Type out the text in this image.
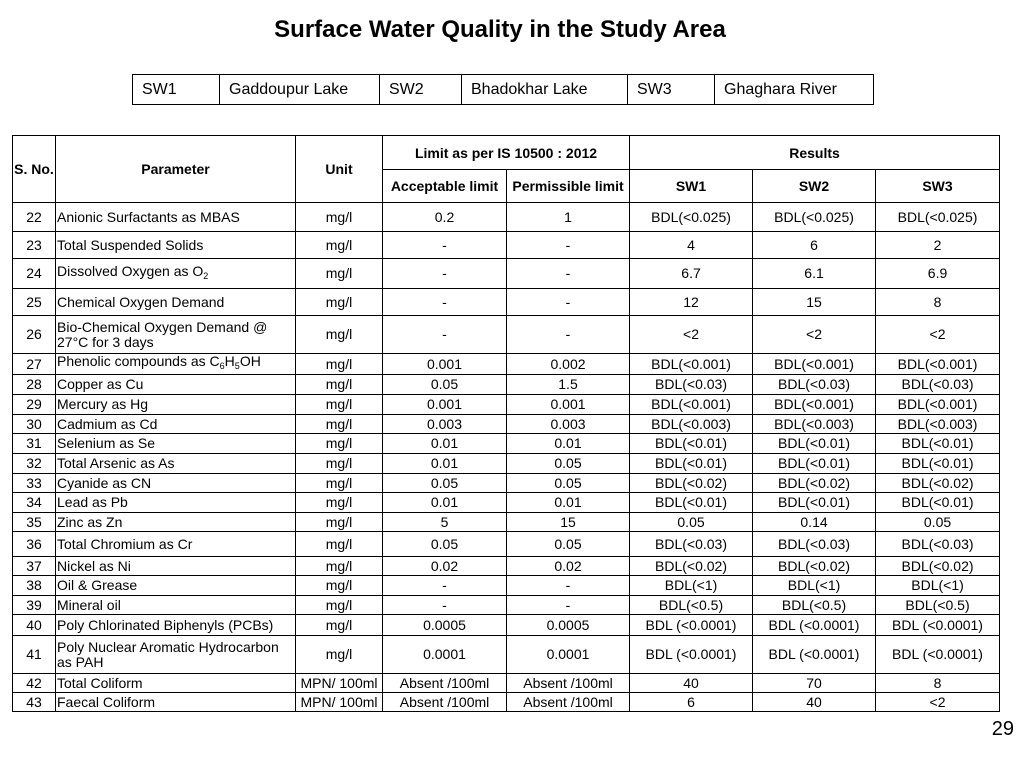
Surface Water Quality in the Study Area
SW1	Gaddoupur Lake	SW2	Bhadokhar Lake	SW3	Ghaghara River
S. No.	Parameter	Unit	Limit as per IS 10500 : 2012		Results		
			Acceptable limit	Permissible limit	SW1	SW2	SW3
22	Anionic Surfactants as MBAS	mg/l	0.2	1	BDL(<0.025)	BDL(<0.025)	BDL(<0.025)
23	Total Suspended Solids	mg/l	-	-	4	6	2
24	Dissolved Oxygen as $O_2$	mg/l	-	-	6.7	6.1	6.9
25	Chemical Oxygen Demand	mg/l	-	-	12	15	8
26	Bio-Chemical Oxygen Demand @ 27°C for 3 days	mg/l	-	-	<2	<2	<2
27	Phenolic compounds as $C_6H_5OH$	mg/l	0.001	0.002	BDL(<0.001)	BDL(<0.001)	BDL(<0.001)
28	Copper as Cu	mg/l	0.05	1.5	BDL(<0.03)	BDL(<0.03)	BDL(<0.03)
29	Mercury as Hg	mg/l	0.001	0.001	BDL(<0.001)	BDL(<0.001)	BDL(<0.001)
30	Cadmium as Cd	mg/l	0.003	0.003	BDL(<0.003)	BDL(<0.003)	BDL(<0.003)
31	Selenium as Se	mg/l	0.01	0.01	BDL(<0.01)	BDL(<0.01)	BDL(<0.01)
32	Total Arsenic as As	mg/l	0.01	0.05	BDL(<0.01)	BDL(<0.01)	BDL(<0.01)
33	Cyanide as CN	mg/l	0.05	0.05	BDL(<0.02)	BDL(<0.02)	BDL(<0.02)
34	Lead as Pb	mg/l	0.01	0.01	BDL(<0.01)	BDL(<0.01)	BDL(<0.01)
35	Zinc as Zn	mg/l	5	15	0.05	0.14	0.05
36	Total Chromium as Cr	mg/l	0.05	0.05	BDL(<0.03)	BDL(<0.03)	BDL(<0.03)
37	Nickel as Ni	mg/l	0.02	0.02	BDL(<0.02)	BDL(<0.02)	BDL(<0.02)
38	Oil & Grease	mg/l	-	-	BDL(<1)	BDL(<1)	BDL(<1)
39	Mineral oil	mg/l	-	-	BDL(<0.5)	BDL(<0.5)	BDL(<0.5)
40	Poly Chlorinated Biphenyls (PCBs)	mg/l	0.0005	0.0005	BDL (<0.0001)	BDL (<0.0001)	BDL (<0.0001)
41	Poly Nuclear Aromatic Hydrocarbon as PAH	mg/l	0.0001	0.0001	BDL (<0.0001)	BDL (<0.0001)	BDL (<0.0001)
42	Total Coliform	MPN/ 100ml	Absent /100ml	Absent /100ml	40	70	8
43	Faecal Coliform	MPN/ 100ml	Absent /100ml	Absent /100ml	6	40	<2
29
